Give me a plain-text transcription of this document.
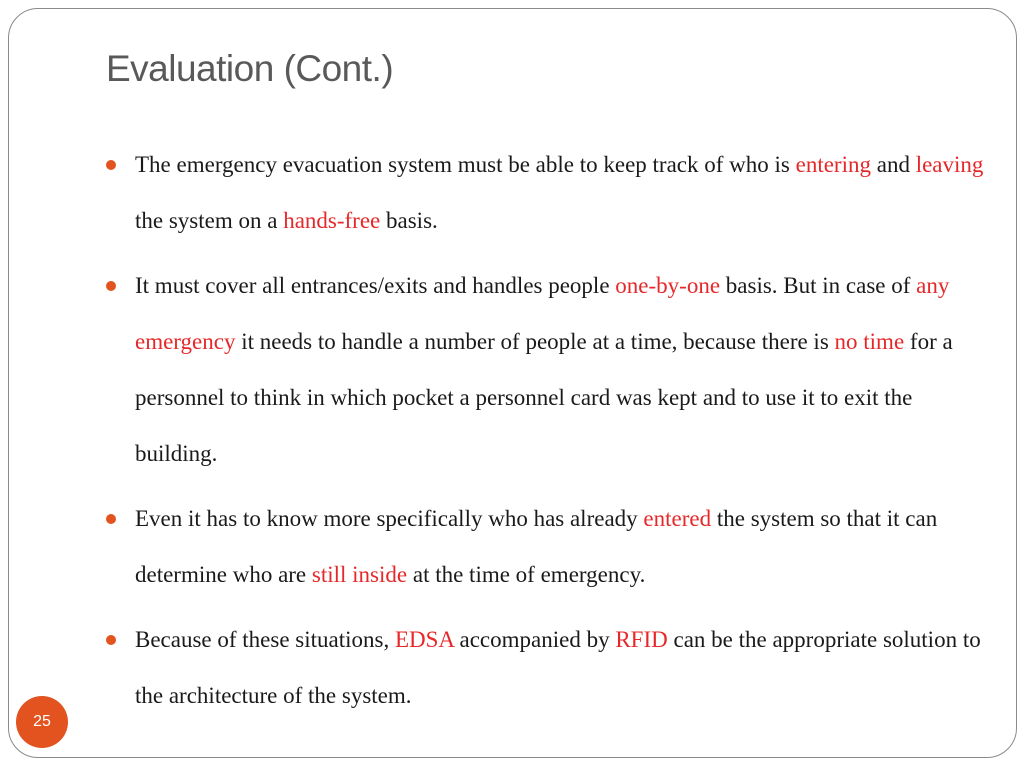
Evaluation (Cont.)
The emergency evacuation system must be able to keep track of who is entering and leaving the system on a hands-free basis.
It must cover all entrances/exits and handles people one-by-one basis. But in case of any emergency it needs to handle a number of people at a time, because there is no time for a personnel to think in which pocket a personnel card was kept and to use it to exit the building.
Even it has to know more specifically who has already entered the system so that it can determine who are still inside at the time of emergency.
Because of these situations, EDSA accompanied by RFID can be the appropriate solution to the architecture of the system.
25
